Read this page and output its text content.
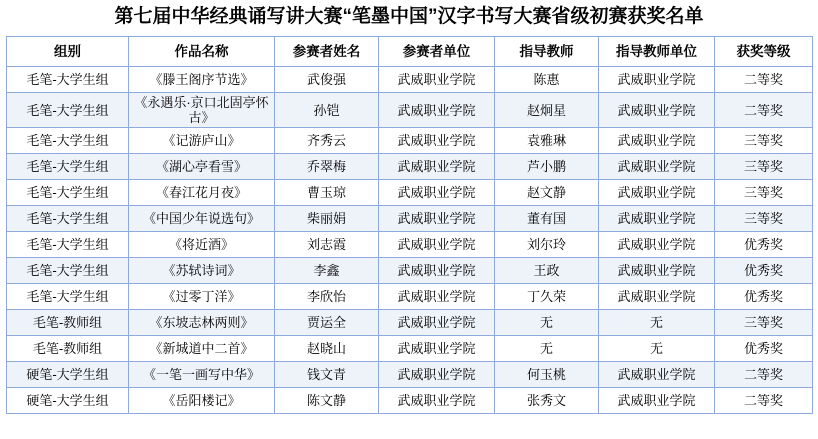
第七届中华经典诵写讲大赛“笔墨中国”汉字书写大赛省级初赛获奖名单
组别	作品名称	参赛者姓名	参赛者单位	指导教师	指导教师单位	获奖等级
毛笔-大学生组	《滕王阁序节选》	武俊强	武威职业学院	陈惠	武威职业学院	二等奖
毛笔-大学生组	《永遇乐·京口北固亭怀古》	孙铠	武威职业学院	赵炯星	武威职业学院	二等奖
毛笔-大学生组	《记游庐山》	齐秀云	武威职业学院	袁雅琳	武威职业学院	三等奖
毛笔-大学生组	《湖心亭看雪》	乔翠梅	武威职业学院	芦小鹏	武威职业学院	三等奖
毛笔-大学生组	《春江花月夜》	曹玉琼	武威职业学院	赵文静	武威职业学院	三等奖
毛笔-大学生组	《中国少年说选句》	柴丽娟	武威职业学院	董有国	武威职业学院	三等奖
毛笔-大学生组	《将近酒》	刘志霞	武威职业学院	刘尔玲	武威职业学院	优秀奖
毛笔-大学生组	《苏轼诗词》	李鑫	武威职业学院	王政	武威职业学院	优秀奖
毛笔-大学生组	《过零丁洋》	李欣怡	武威职业学院	丁久荣	武威职业学院	优秀奖
毛笔-教师组	《东坡志林两则》	贾运全	武威职业学院	无	无	三等奖
毛笔-教师组	《新城道中二首》	赵晓山	武威职业学院	无	无	优秀奖
硬笔-大学生组	《一笔一画写中华》	钱文青	武威职业学院	何玉桃	武威职业学院	二等奖
硬笔-大学生组	《岳阳楼记》	陈文静	武威职业学院	张秀文	武威职业学院	二等奖
